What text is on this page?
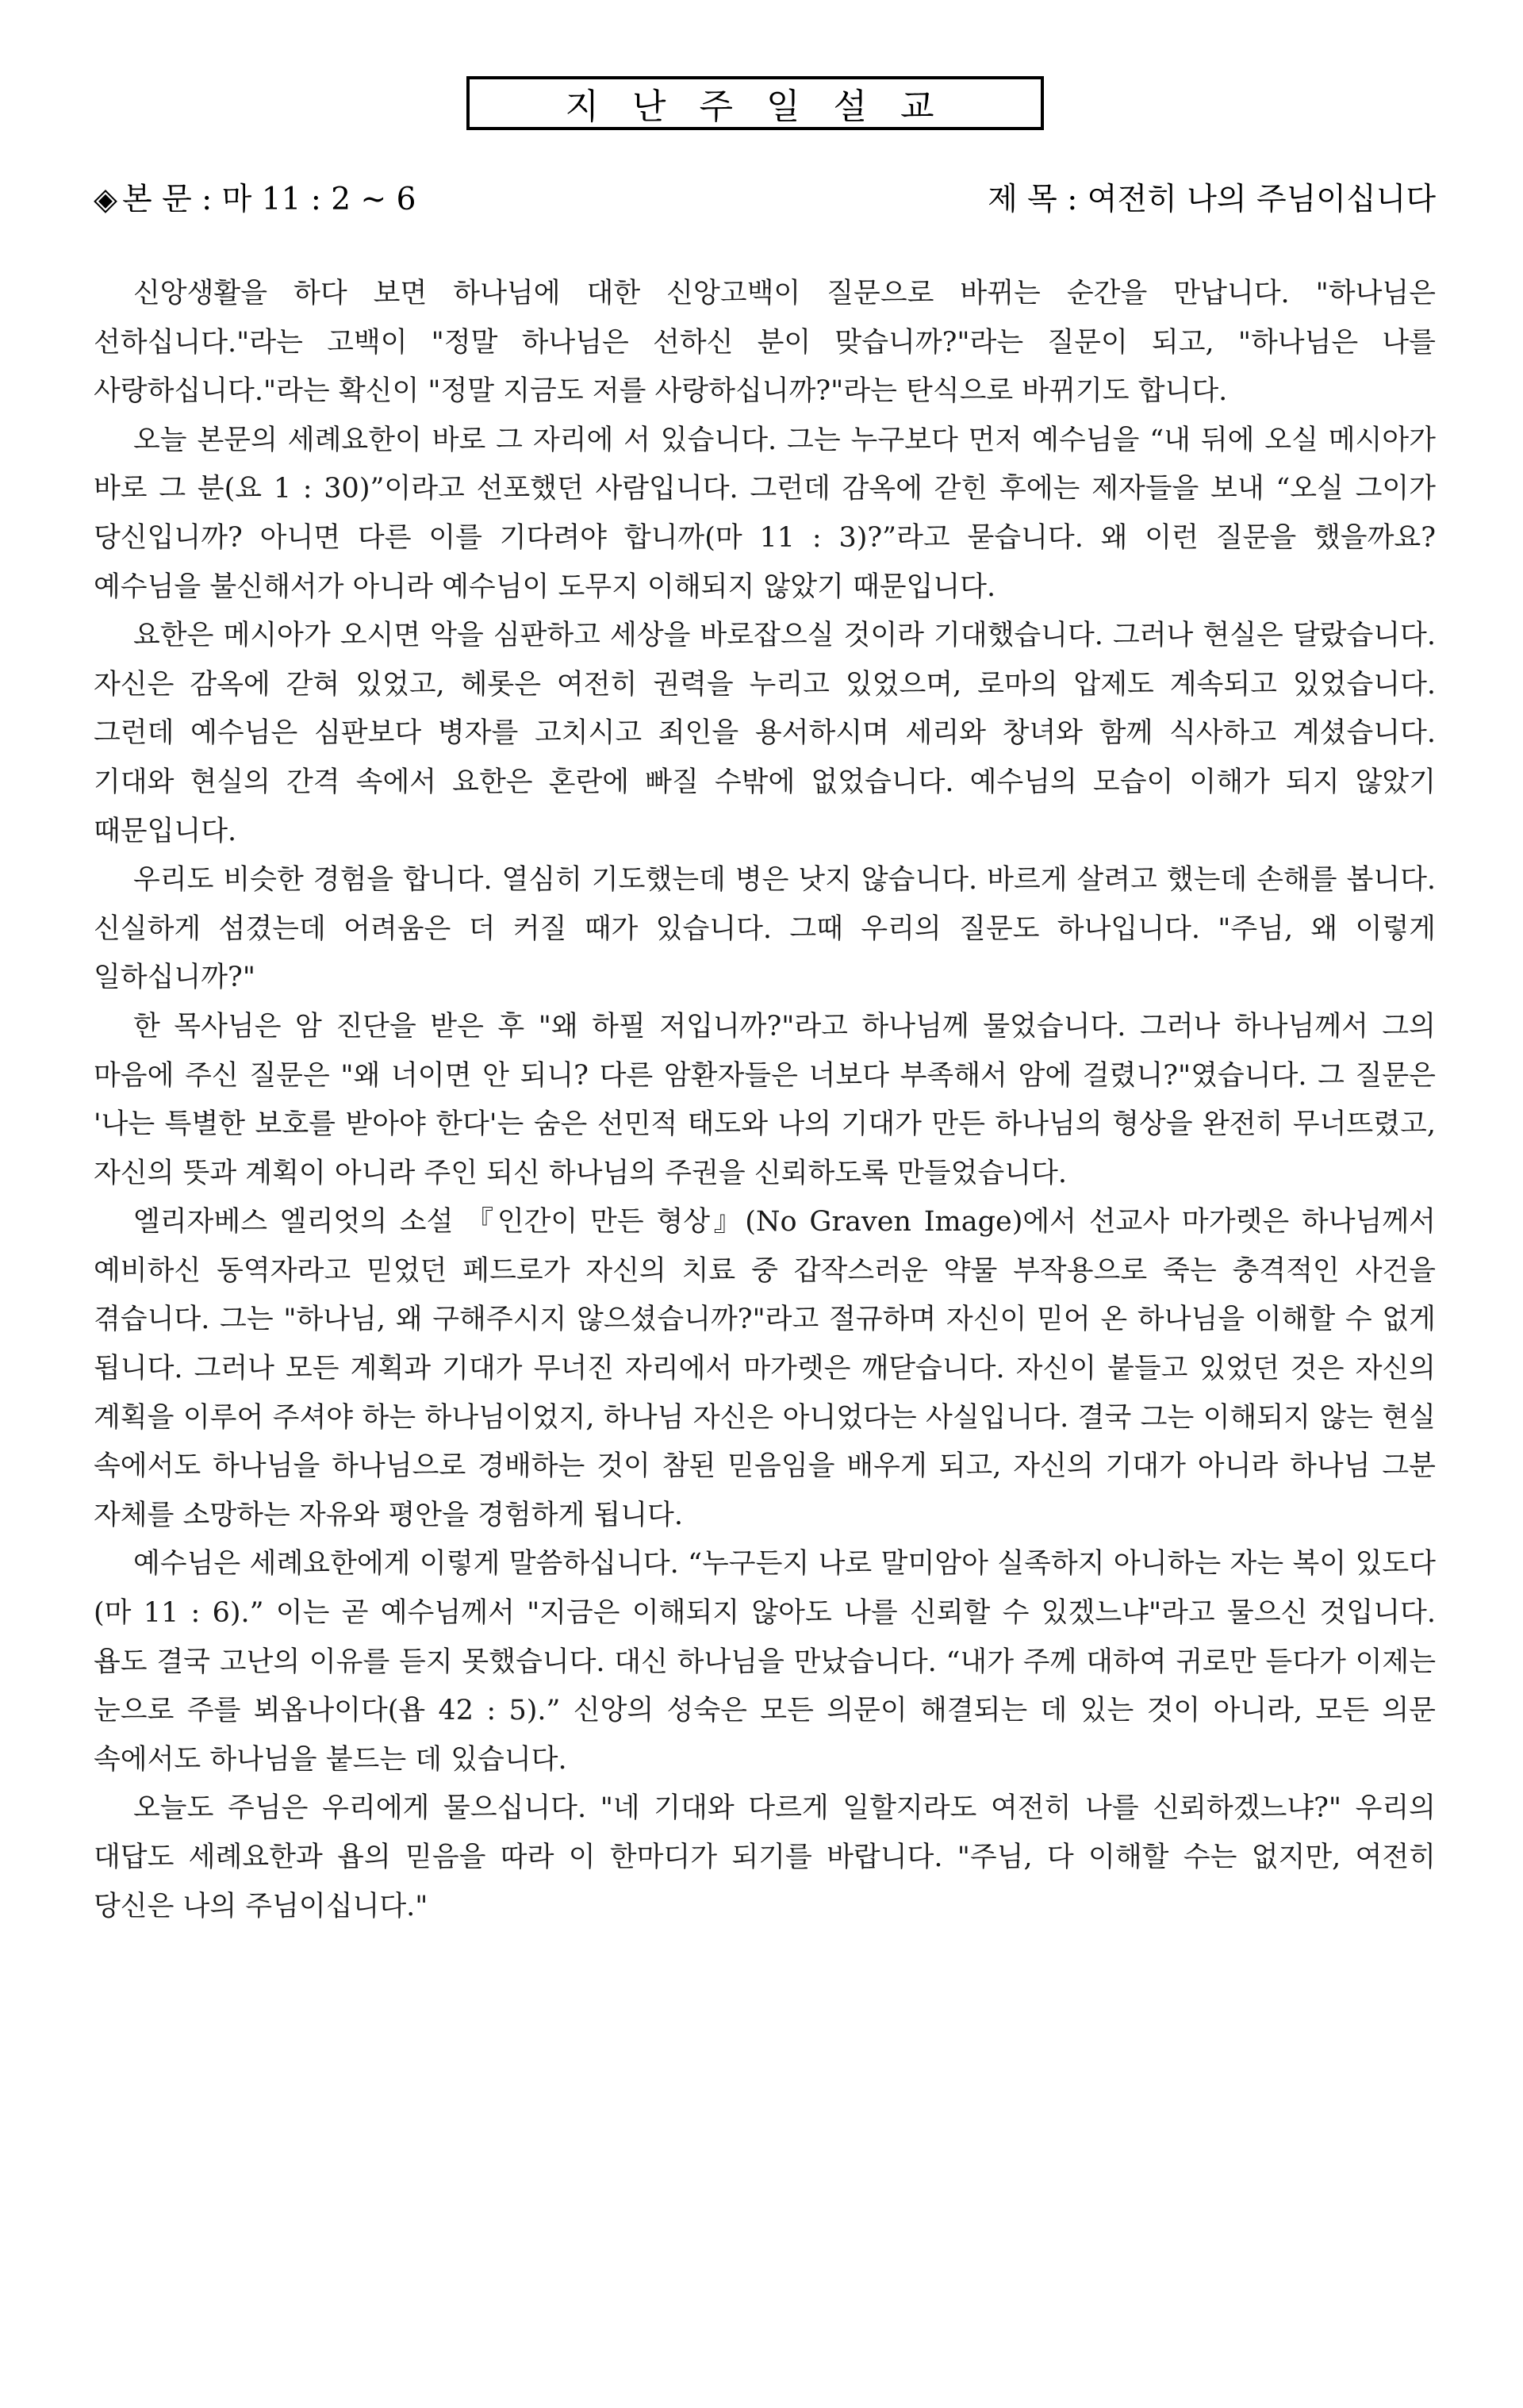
지 난 주 일 설 교
◈ 본 문 : 마 11 : 2 ~ 6	제 목 : 여전히 나의 주님이십니다

신앙생활을 하다 보면 하나님에 대한 신앙고백이 질문으로 바뀌는 순간을 만납니다. "하나님은 선하십니다."라는 고백이 "정말 하나님은 선하신 분이 맞습니까?"라는 질문이 되고, "하나님은 나를 사랑하십니다."라는 확신이 "정말 지금도 저를 사랑하십니까?"라는 탄식으로 바뀌기도 합니다.

오늘 본문의 세례요한이 바로 그 자리에 서 있습니다. 그는 누구보다 먼저 예수님을 “내 뒤에 오실 메시아가 바로 그 분(요 1 : 30)”이라고 선포했던 사람입니다. 그런데 감옥에 갇힌 후에는 제자들을 보내 “오실 그이가 당신입니까? 아니면 다른 이를 기다려야 합니까(마 11 : 3)?”라고 묻습니다. 왜 이런 질문을 했을까요? 예수님을 불신해서가 아니라 예수님이 도무지 이해되지 않았기 때문입니다.

요한은 메시아가 오시면 악을 심판하고 세상을 바로잡으실 것이라 기대했습니다. 그러나 현실은 달랐습니다. 자신은 감옥에 갇혀 있었고, 헤롯은 여전히 권력을 누리고 있었으며, 로마의 압제도 계속되고 있었습니다. 그런데 예수님은 심판보다 병자를 고치시고 죄인을 용서하시며 세리와 창녀와 함께 식사하고 계셨습니다. 기대와 현실의 간격 속에서 요한은 혼란에 빠질 수밖에 없었습니다. 예수님의 모습이 이해가 되지 않았기 때문입니다.

우리도 비슷한 경험을 합니다. 열심히 기도했는데 병은 낫지 않습니다. 바르게 살려고 했는데 손해를 봅니다. 신실하게 섬겼는데 어려움은 더 커질 때가 있습니다. 그때 우리의 질문도 하나입니다. "주님, 왜 이렇게 일하십니까?"

한 목사님은 암 진단을 받은 후 "왜 하필 저입니까?"라고 하나님께 물었습니다. 그러나 하나님께서 그의 마음에 주신 질문은 "왜 너이면 안 되니? 다른 암환자들은 너보다 부족해서 암에 걸렸니?"였습니다. 그 질문은 '나는 특별한 보호를 받아야 한다'는 숨은 선민적 태도와 나의 기대가 만든 하나님의 형상을 완전히 무너뜨렸고, 자신의 뜻과 계획이 아니라 주인 되신 하나님의 주권을 신뢰하도록 만들었습니다.

엘리자베스 엘리엇의 소설 『인간이 만든 형상』(No Graven Image)에서 선교사 마가렛은 하나님께서 예비하신 동역자라고 믿었던 페드로가 자신의 치료 중 갑작스러운 약물 부작용으로 죽는 충격적인 사건을 겪습니다. 그는 "하나님, 왜 구해주시지 않으셨습니까?"라고 절규하며 자신이 믿어 온 하나님을 이해할 수 없게 됩니다. 그러나 모든 계획과 기대가 무너진 자리에서 마가렛은 깨닫습니다. 자신이 붙들고 있었던 것은 자신의 계획을 이루어 주셔야 하는 하나님이었지, 하나님 자신은 아니었다는 사실입니다. 결국 그는 이해되지 않는 현실 속에서도 하나님을 하나님으로 경배하는 것이 참된 믿음임을 배우게 되고, 자신의 기대가 아니라 하나님 그분 자체를 소망하는 자유와 평안을 경험하게 됩니다.

예수님은 세례요한에게 이렇게 말씀하십니다. “누구든지 나로 말미암아 실족하지 아니하는 자는 복이 있도다(마 11 : 6).” 이는 곧 예수님께서 "지금은 이해되지 않아도 나를 신뢰할 수 있겠느냐"라고 물으신 것입니다. 욥도 결국 고난의 이유를 듣지 못했습니다. 대신 하나님을 만났습니다. “내가 주께 대하여 귀로만 듣다가 이제는 눈으로 주를 뵈옵나이다(욥 42 : 5).” 신앙의 성숙은 모든 의문이 해결되는 데 있는 것이 아니라, 모든 의문 속에서도 하나님을 붙드는 데 있습니다.

오늘도 주님은 우리에게 물으십니다. "네 기대와 다르게 일할지라도 여전히 나를 신뢰하겠느냐?" 우리의 대답도 세례요한과 욥의 믿음을 따라 이 한마디가 되기를 바랍니다. "주님, 다 이해할 수는 없지만, 여전히 당신은 나의 주님이십니다."
